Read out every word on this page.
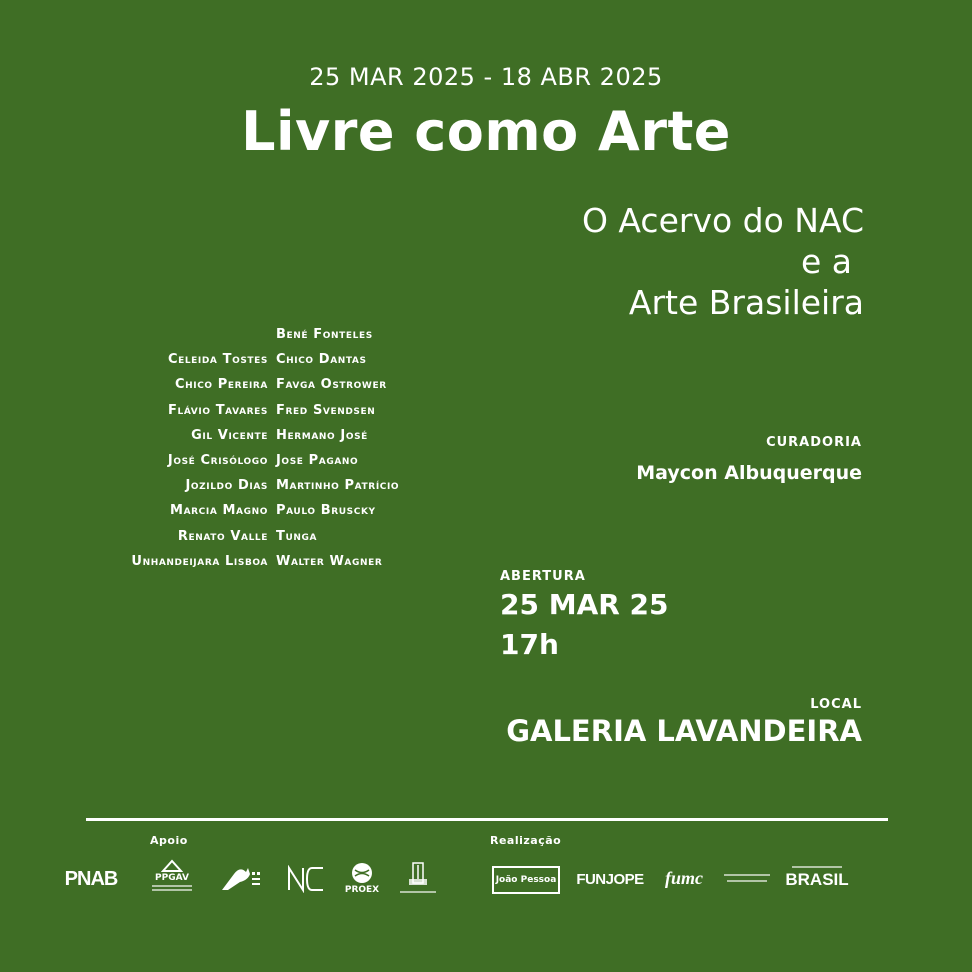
25 MAR 2025 - 18 ABR 2025
Livre como Arte
O Acervo do NAC
e a
Arte Brasileira
Celeida Tostes
Chico Pereira
Flávio Tavares
Gil Vicente
José Crisólogo
Jozildo Dias
Marcia Magno
Renato Valle
Unhandeijara Lisboa
Bené Fonteles
Chico Dantas
Favga Ostrower
Fred Svendsen
Hermano José
Jose Pagano
Martinho Patrício
Paulo Bruscky
Tunga
Walter Wagner
CURADORIA
Maycon Albuquerque
ABERTURA
25 MAR 25
17h
LOCAL
GALERIA LAVANDEIRA
Apoio	Realização
PNAB	PPGAV
PROEX
João Pessoa FUNJOPE fumc	BRASIL
